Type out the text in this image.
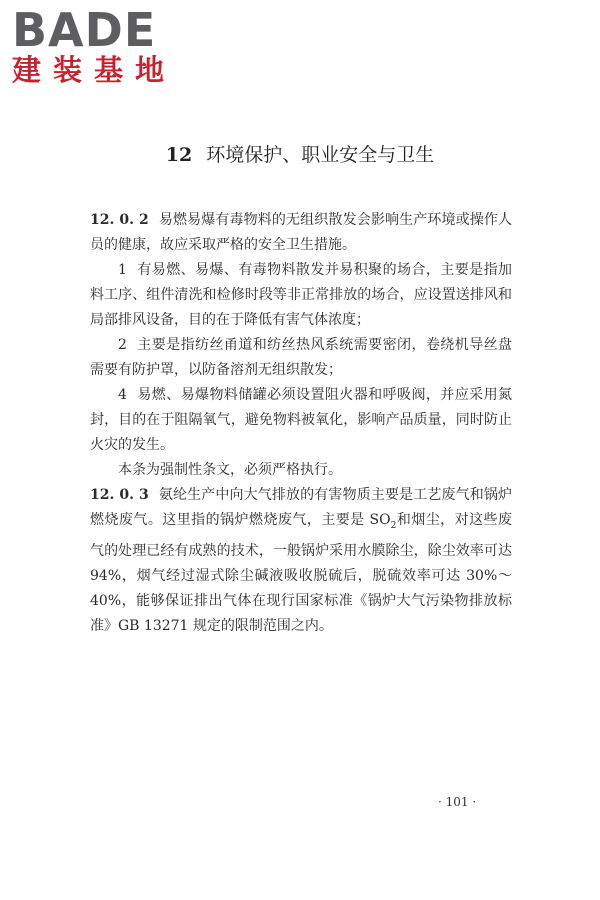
BADE
建装基地
12 环境保护、职业安全与卫生

12. 0. 2 易燃易爆有毒物料的无组织散发会影响生产环境或操作人员的健康，故应采取严格的安全卫生措施。

1 有易燃、易爆、有毒物料散发并易积聚的场合，主要是指加料工序、组件清洗和检修时段等非正常排放的场合，应设置送排风和局部排风设备，目的在于降低有害气体浓度；

2 主要是指纺丝甬道和纺丝热风系统需要密闭，卷绕机导丝盘需要有防护罩，以防备溶剂无组织散发；

4 易燃、易爆物料储罐必须设置阻火器和呼吸阀，并应采用氮封，目的在于阻隔氧气，避免物料被氧化，影响产品质量，同时防止火灾的发生。

本条为强制性条文，必须严格执行。

12. 0. 3 氨纶生产中向大气排放的有害物质主要是工艺废气和锅炉燃烧废气。这里指的锅炉燃烧废气，主要是 $SO_2$和烟尘，对这些废气的处理已经有成熟的技术，一般锅炉采用水膜除尘，除尘效率可达 94%，烟气经过湿式除尘碱液吸收脱硫后，脱硫效率可达 30%～40%，能够保证排出气体在现行国家标准《锅炉大气污染物排放标准》GB 13271 规定的限制范围之内。

· 101 ·
